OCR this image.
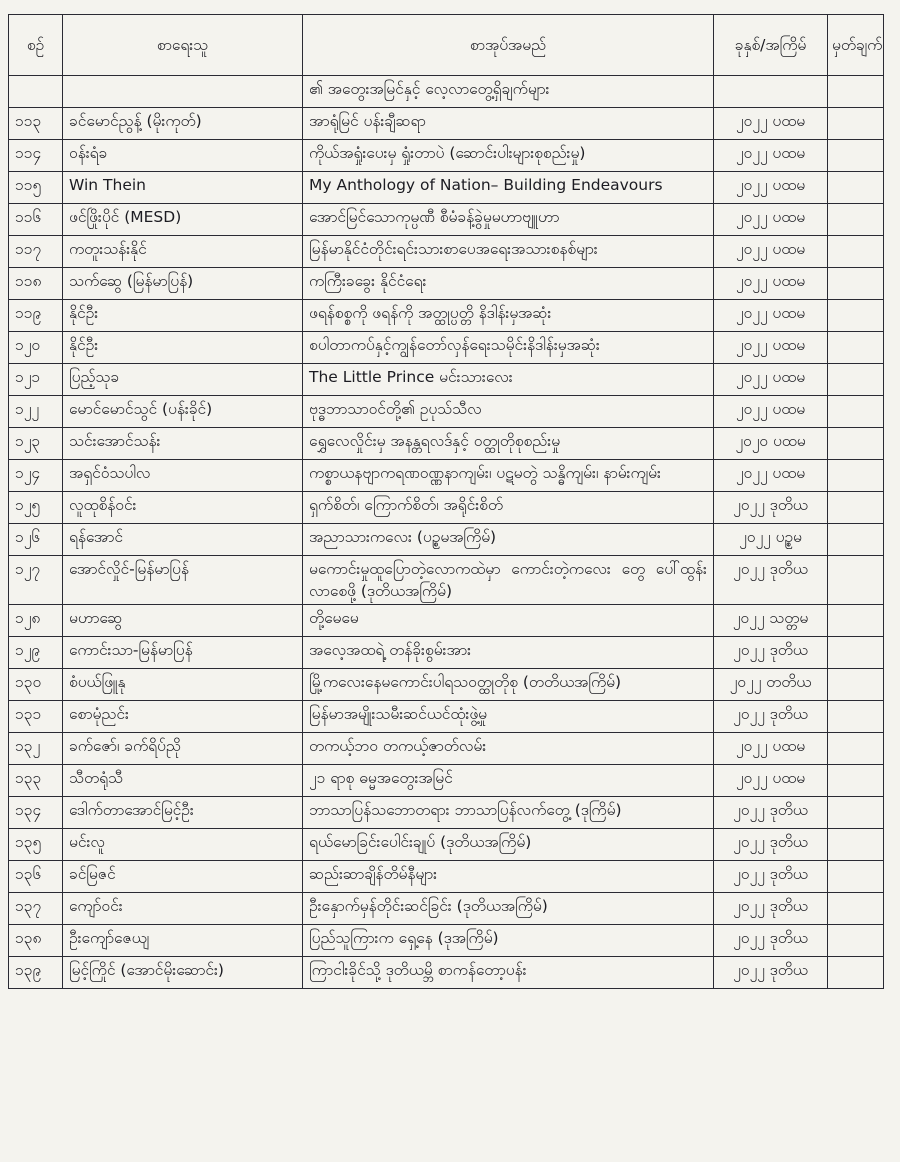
စဥ်	စာရေးသူ	စာအုပ်အမည်	ခုနှစ်/အကြိမ်	မှတ်ချက်
		၏ အတွေးအမြင်နှင့် လေ့လာတွေ့ရှိချက်များ		
၁၁၃	ခင်မောင်ညွန့် (မိုးကုတ်)	အာရုံမြင် ပန်းချီဆရာ	၂၀၂၂ ပထမ	
၁၁၄	ဝန်းရံခ	ကိုယ်အရှုံးပေးမှ ရှုံးတာပဲ (ဆောင်းပါးများစုစည်းမှု)	၂၀၂၂ ပထမ	
၁၁၅	Win Thein	My Anthology of Nation– Building Endeavours	၂၀၂၂ ပထမ	
၁၁၆	ဖင်ဖြိုးပိုင် (MESD)	အောင်မြင်သောကုမ္ပဏီ စီမံခန့်ခွဲမှုမဟာဗျူဟာ	၂၀၂၂ ပထမ	
၁၁၇	ကတူးသန်းနိုင်	မြန်မာနိုင်ငံတိုင်းရင်းသားစာပေအရေးအသားစနစ်များ	၂၀၂၂ ပထမ	
၁၁၈	သက်ဆွေ (မြန်မာပြန်)	ကကြီးခခွေး နိုင်ငံရေး	၂၀၂၂ ပထမ	
၁၁၉	နိုင်ဦး	ဖရန်စစ္စကို ဖရန်ကို အတ္ထုပ္ပတ္တိ နိဒါန်းမှအဆုံး	၂၀၂၂ ပထမ	
၁၂၀	နိုင်ဦး	စပါတာကပ်နှင့်ကျွန်တော်လှန်ရေးသမိုင်းနိဒါန်းမှအဆုံး	၂၀၂၂ ပထမ	
၁၂၁	ပြည့်သုခ	The Little Prince မင်းသားလေး	၂၀၂၂ ပထမ	
၁၂၂	မောင်မောင်သွင် (ပန်းခိုင်)	ဗုဒ္ဓဘာသာဝင်တို့၏ ဥပုသ်သီလ	၂၀၂၂ ပထမ	
၁၂၃	သင်းအောင်သန်း	ရွှေလေလှိုင်းမှ အနန္တရလဒ်နှင့် ဝတ္ထုတိုစုစည်းမှု	၂၀၂၀ ပထမ	
၁၂၄	အရှင်ဝံသပါလ	ကစ္စာယနဗျာကရဏဝဏ္ဏနာကျမ်း၊ ပဋမတွဲ သန္ဓိကျမ်း၊ နာမ်းကျမ်း	၂၀၂၂ ပထမ	
၁၂၅	လူထုစိန်ဝင်း	ရှက်စိတ်၊ ကြောက်စိတ်၊ အရိုင်းစိတ်	၂၀၂၂ ဒုတိယ	
၁၂၆	ရန်အောင်	အညာသားကလေး (ပဥ္စမအကြိမ်)	၂၀၂၂ ပဥ္စမ	
၁၂၇	အောင်လှိုင်-မြန်မာပြန်	မကောင်းမှုထူပြောတဲ့လောကထဲမှာ ကောင်းတဲ့ကလေး တွေ ပေါ်ထွန်းလာစေဖို့ (ဒုတိယအကြိမ်)	၂၀၂၂ ဒုတိယ	
၁၂၈	မဟာဆွေ	တို့မေမေ	၂၀၂၂ သတ္တမ	
၁၂၉	ကောင်းသာ-မြန်မာပြန်	အလေ့အထရဲ့ တန်ခိုးစွမ်းအား	၂၀၂၂ ဒုတိယ	
၁၃၀	စံပယ်ဖြူနု	မြို့ကလေးနေမကောင်းပါရသဝတ္ထုတိုစု (တတိယအကြိမ်)	၂၀၂၂ တတိယ	
၁၃၁	စောမုံညင်း	မြန်မာအမျိုးသမီးဆင်ယင်ထုံးဖွဲ့မှု	၂၀၂၂ ဒုတိယ	
၁၃၂	ခက်ဇော်၊ ခက်ရိပ်ညို	တကယ့်ဘဝ တကယ့်ဇာတ်လမ်း	၂၀၂၂ ပထမ	
၁၃၃	သီတရုံသီ	၂၁ ရာစု ဓမ္မအတွေးအမြင်	၂၀၂၂ ပထမ	
၁၃၄	ဒေါက်တာအောင်မြင့်ဦး	ဘာသာပြန်သဘောတရား ဘာသာပြန်လက်တွေ့ (ဒုကြိမ်)	၂၀၂၂ ဒုတိယ	
၁၃၅	မင်းလူ	ရယ်မောခြင်းပေါင်းချုပ် (ဒုတိယအကြိမ်)	၂၀၂၂ ဒုတိယ	
၁၃၆	ခင်မြဇင်	ဆည်းဆာချိန်တိမ်နီများ	၂၀၂၂ ဒုတိယ	
၁၃၇	ကျော်ဝင်း	ဦးနှောက်မှန်တိုင်းဆင်ခြင်း (ဒုတိယအကြိမ်)	၂၀၂၂ ဒုတိယ	
၁၃၈	ဦးကျော်ဇေယျ	ပြည်သူကြားက ရှေ့နေ (ဒုအကြိမ်)	၂၀၂၂ ဒုတိယ	
၁၃၉	မြင့်ကြိုင် (အောင်မိုးဆောင်း)	ကြာငါးခိုင်သို့ ဒုတိယမ္ဘိ စာကန်တော့ပန်း	၂၀၂၂ ဒုတိယ	
